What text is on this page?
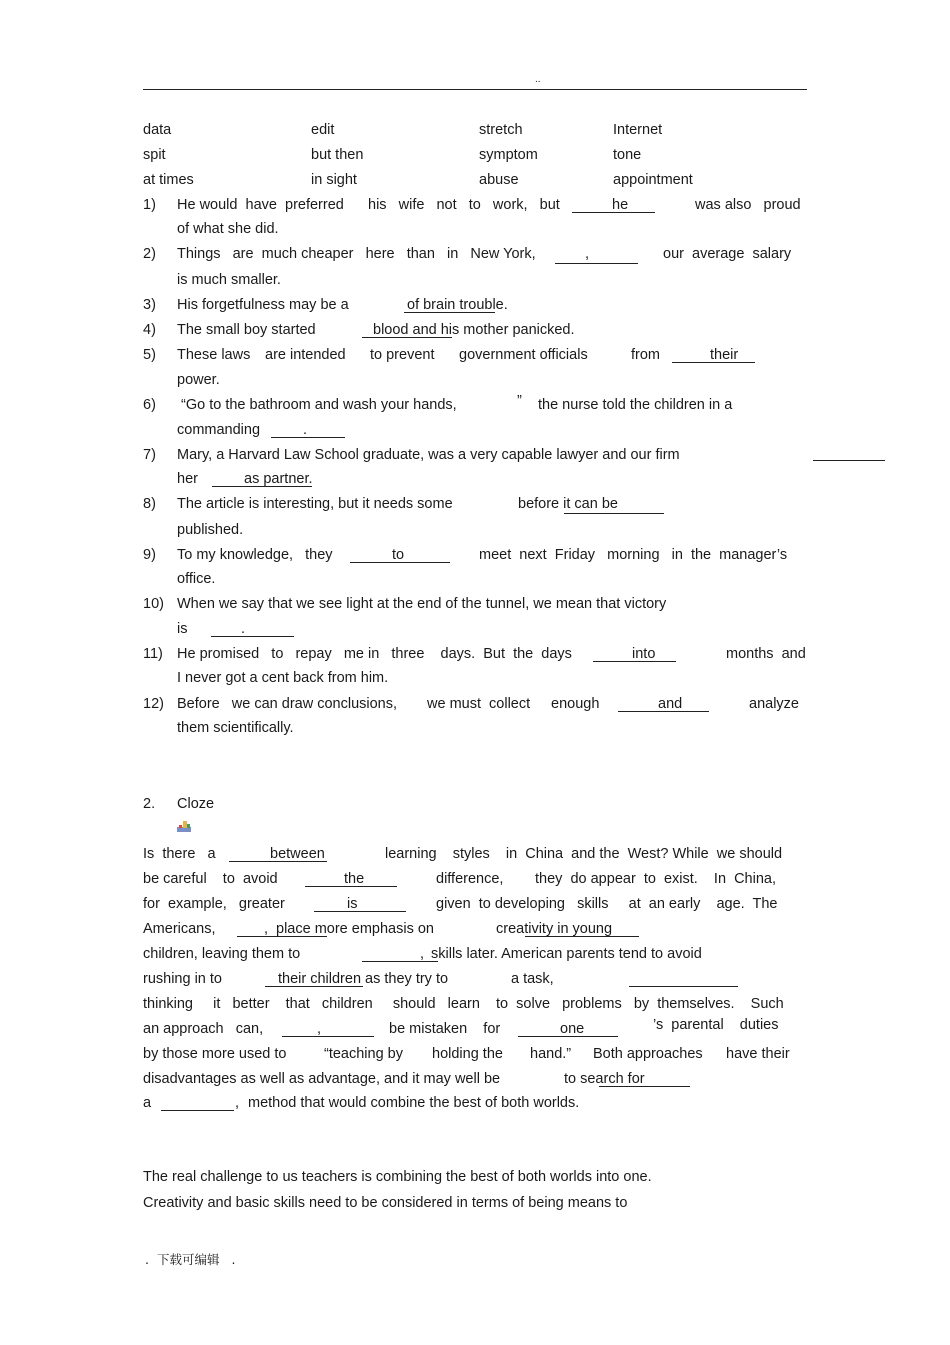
..
data	edit	stretch	Internet
spit	but then	symptom	tone
at times	in sight	abuse	appointment
1) He would  have  preferred his   wife   not   to   work,   but	he	was also   proud
of what she did.
2) Things   are  much cheaper   here   than   in   New York,	,	our  average  salary
is much smaller.
3) His forgetfulness may be a	of brain trouble.
4) The small boy started	blood and his mother panicked.
5) These laws are intended to prevent government officials	from	their
power.
6) “Go to the bathroom and wash your hands,	” the nurse told the children in a
commanding	.
7) Mary, a Harvard Law School graduate, was a very capable lawyer and our firm
her	as partner.
8) The article is interesting, but it needs some	before it can be
published.
9) To my knowledge,   they	to	meet  next  Friday   morning   in  the  manager’s
office.
10) When we say that we see light at the end of the tunnel, we mean that victory
is	.
11) He promised   to   repay   me in   three    days.  But  the  days	into	months  and
I never got a cent back from him.
12) Before   we can draw conclusions, we must  collect enough	and	analyze
them scientifically.
2. Cloze
Is  there   a	between	learning    styles    in  China  and the  West? While  we should
be careful    to  avoid	the	difference, they  do appear  to  exist.    In  China,
for  example,   greater	is	given  to developing   skills     at  an early    age.  The
Americans,	, place more emphasis on	creativity in young
children, leaving them to	, skills later. American parents tend to avoid
rushing in to	their children as they try to	a task,
thinking     it   better    that   children     should   learn    to  solve   problems   by  themselves.    Such
an approach   can,	,	be mistaken    for	one	’s  parental    duties
by those more used to	“teaching by holding the hand.” Both approaches have their
disadvantages as well as advantage, and it may well be	to search for
a	, method that would combine the best of both worlds.
The real challenge to us teachers is combining the best of both worlds into one.
Creativity and basic skills need to be considered in terms of being means to
. 下载可编辑 .
